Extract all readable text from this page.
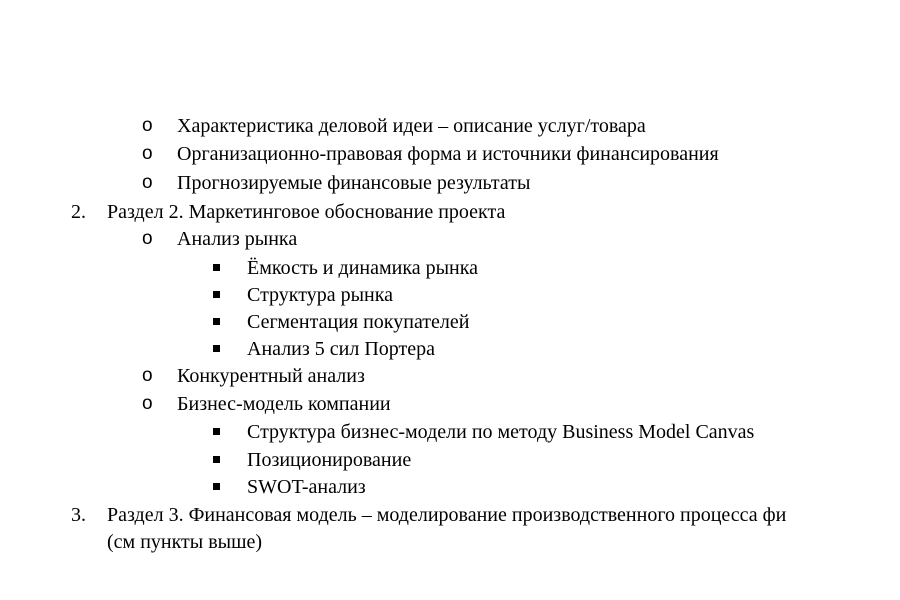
o Характеристика деловой идеи – описание услуг/товара
o Организационно-правовая форма и источники финансирования
o Прогнозируемые финансовые результаты
2. Раздел 2. Маркетинговое обоснование проекта
o Анализ рынка
Ёмкость и динамика рынка
Структура рынка
Сегментация покупателей
Анализ 5 сил Портера
o Конкурентный анализ
o Бизнес-модель компании
Структура бизнес-модели по методу Business Model Canvas
Позиционирование
SWOT-анализ
3. Раздел 3. Финансовая модель – моделирование производственного процесса фи
(см пункты выше)
